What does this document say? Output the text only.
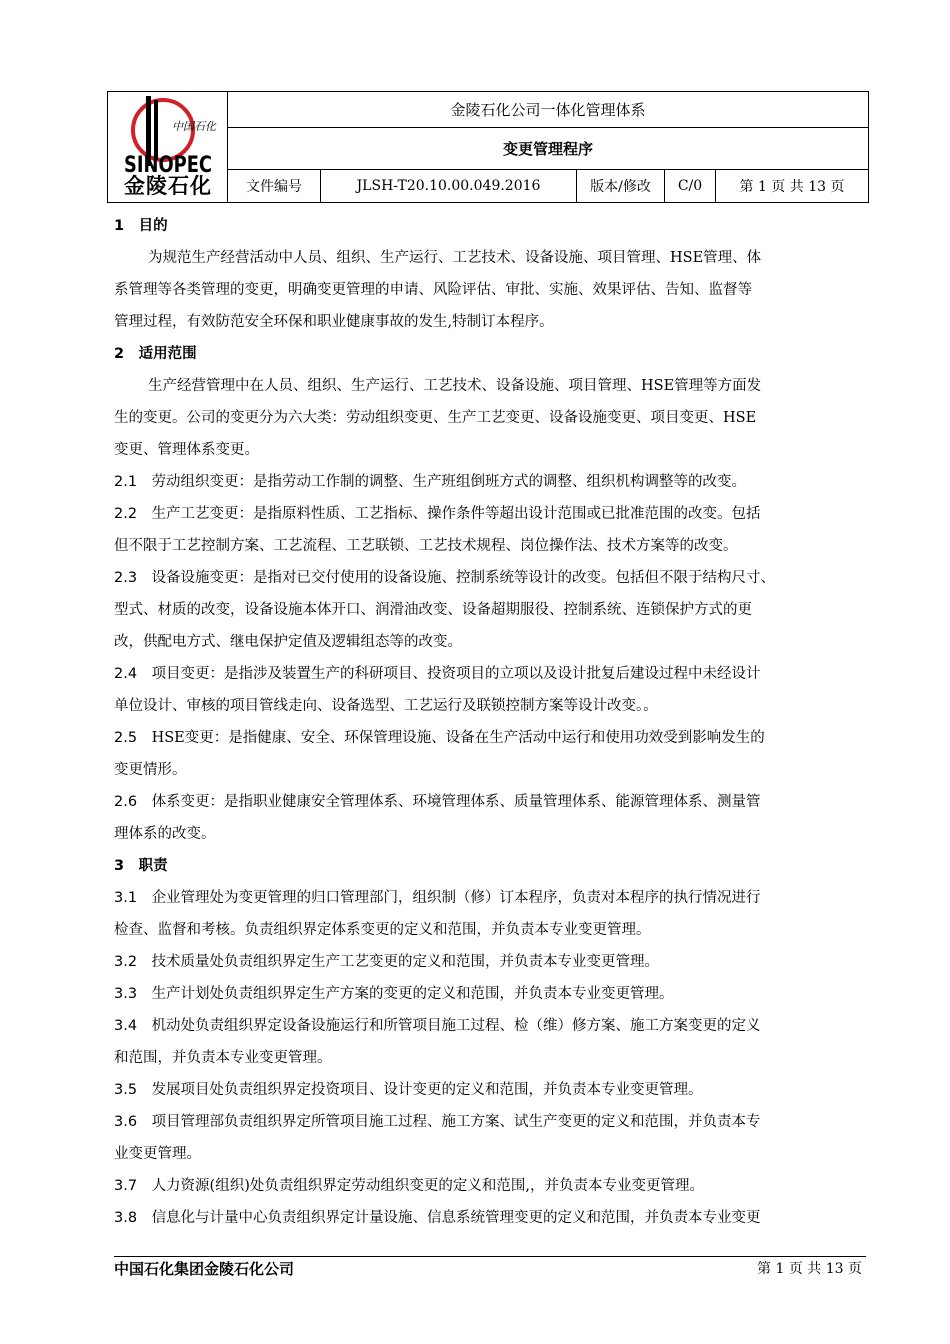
中国石化
SINOPEC
金陵石化	金陵石化公司一体化管理体系				
	变更管理程序				
	文件编号	JLSH-T20.10.00.049.2016	版本/修改	C/0	第 1 页 共 13 页
1　目的
为规范生产经营活动中人员、组织、生产运行、工艺技术、设备设施、项目管理、HSE管理、体
系管理等各类管理的变更，明确变更管理的申请、风险评估、审批、实施、效果评估、告知、监督等
管理过程，有效防范安全环保和职业健康事故的发生,特制订本程序。
2　适用范围
生产经营管理中在人员、组织、生产运行、工艺技术、设备设施、项目管理、HSE管理等方面发
生的变更。公司的变更分为六大类：劳动组织变更、生产工艺变更、设备设施变更、项目变更、HSE
变更、管理体系变更。
2.1　 劳动组织变更：是指劳动工作制的调整、生产班组倒班方式的调整、组织机构调整等的改变。
2.2　 生产工艺变更：是指原料性质、工艺指标、操作条件等超出设计范围或已批准范围的改变。包括
但不限于工艺控制方案、工艺流程、工艺联锁、工艺技术规程、岗位操作法、技术方案等的改变。
2.3　 设备设施变更：是指对已交付使用的设备设施、控制系统等设计的改变。包括但不限于结构尺寸、
型式、材质的改变，设备设施本体开口、润滑油改变、设备超期服役、控制系统、连锁保护方式的更
改，供配电方式、继电保护定值及逻辑组态等的改变。
2.4　 项目变更：是指涉及装置生产的科研项目、投资项目的立项以及设计批复后建设过程中未经设计
单位设计、审核的项目管线走向、设备选型、工艺运行及联锁控制方案等设计改变。。
2.5　 HSE变更：是指健康、安全、环保管理设施、设备在生产活动中运行和使用功效受到影响发生的
变更情形。
2.6　 体系变更：是指职业健康安全管理体系、环境管理体系、质量管理体系、能源管理体系、测量管
理体系的改变。
3　职责
3.1　 企业管理处为变更管理的归口管理部门，组织制（修）订本程序，负责对本程序的执行情况进行
检查、监督和考核。负责组织界定体系变更的定义和范围，并负责本专业变更管理。
3.2　 技术质量处负责组织界定生产工艺变更的定义和范围，并负责本专业变更管理。
3.3　 生产计划处负责组织界定生产方案的变更的定义和范围，并负责本专业变更管理。
3.4　 机动处负责组织界定设备设施运行和所管项目施工过程、检（维）修方案、施工方案变更的定义
和范围，并负责本专业变更管理。
3.5　 发展项目处负责组织界定投资项目、设计变更的定义和范围，并负责本专业变更管理。
3.6　 项目管理部负责组织界定所管项目施工过程、施工方案、试生产变更的定义和范围，并负责本专
业变更管理。
3.7　 人力资源(组织)处负责组织界定劳动组织变更的定义和范围,，并负责本专业变更管理。
3.8　 信息化与计量中心负责组织界定计量设施、信息系统管理变更的定义和范围，并负责本专业变更
中国石化集团金陵石化公司	第 1 页 共 13 页
